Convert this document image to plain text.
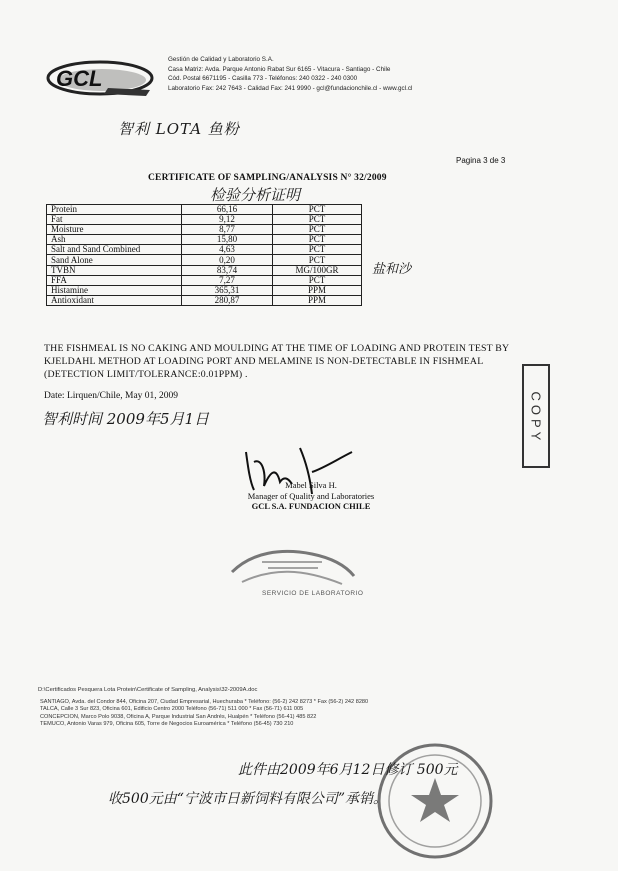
GCL
Gestión de Calidad y Laboratorio S.A.
Casa Matriz: Avda. Parque Antonio Rabat Sur 6165 - Vitacura - Santiago - Chile
Cód. Postal 6671195 - Casilla 773 - Teléfonos: 240 0322 - 240 0300
Laboratorio Fax: 242 7643 - Calidad Fax: 241 9990 - gcl@fundacionchile.cl - www.gcl.cl
智利 LOTA 鱼粉
Pagina 3 de 3
CERTIFICATE OF SAMPLING/ANALYSIS N° 32/2009
检验分析证明
Protein	66,16	PCT
Fat	9,12	PCT
Moisture	8,77	PCT
Ash	15,80	PCT
Salt and Sand Combined	4,63	PCT
Sand Alone	0,20	PCT
TVBN	83,74	MG/100GR
FFA	7,27	PCT
Histamine	365,31	PPM
Antioxidant	280,87	PPM
盐和沙
THE FISHMEAL IS NO CAKING AND MOULDING AT THE TIME OF LOADING AND PROTEIN TEST BY KJELDAHL METHOD AT LOADING PORT AND MELAMINE IS NON-DETECTABLE IN FISHMEAL (DETECTION LIMIT/TOLERANCE:0.01PPM) .
Date: Lirquen/Chile, May 01, 2009
智利时间 2009年5月1日	COPY
Mabel Silva H.
Manager of Quality and Laboratories
GCL S.A. FUNDACION CHILE
SERVICIO DE LABORATORIO
D:\Certificados Pesquera Lota Protein\Certificate of Sampling, Analysis\32-2009A.doc
SANTIAGO, Avda. del Condor 844, Oficina 207, Ciudad Empresarial, Huechuraba * Teléfono: (56-2) 242 8273 * Fax (56-2) 242 8280
TALCA, Calle 3 Sur 823, Oficina 601, Edificio Centro 2000 Teléfono (56-71) 511 000 * Fax (56-71) 611 005
CONCEPCIÓN, Marco Polo 9038, Oficina A, Parque Industrial San Andrés, Hualpén * Teléfono (56-41) 485 822
TEMUCO, Antonio Varas 979, Oficina 605, Torre de Negocios Euroamérica * Teléfono (56-45) 730 210
此件由2009年6月12日修订 500元
收500元由“宁波市日新饲料有限公司”承销。
